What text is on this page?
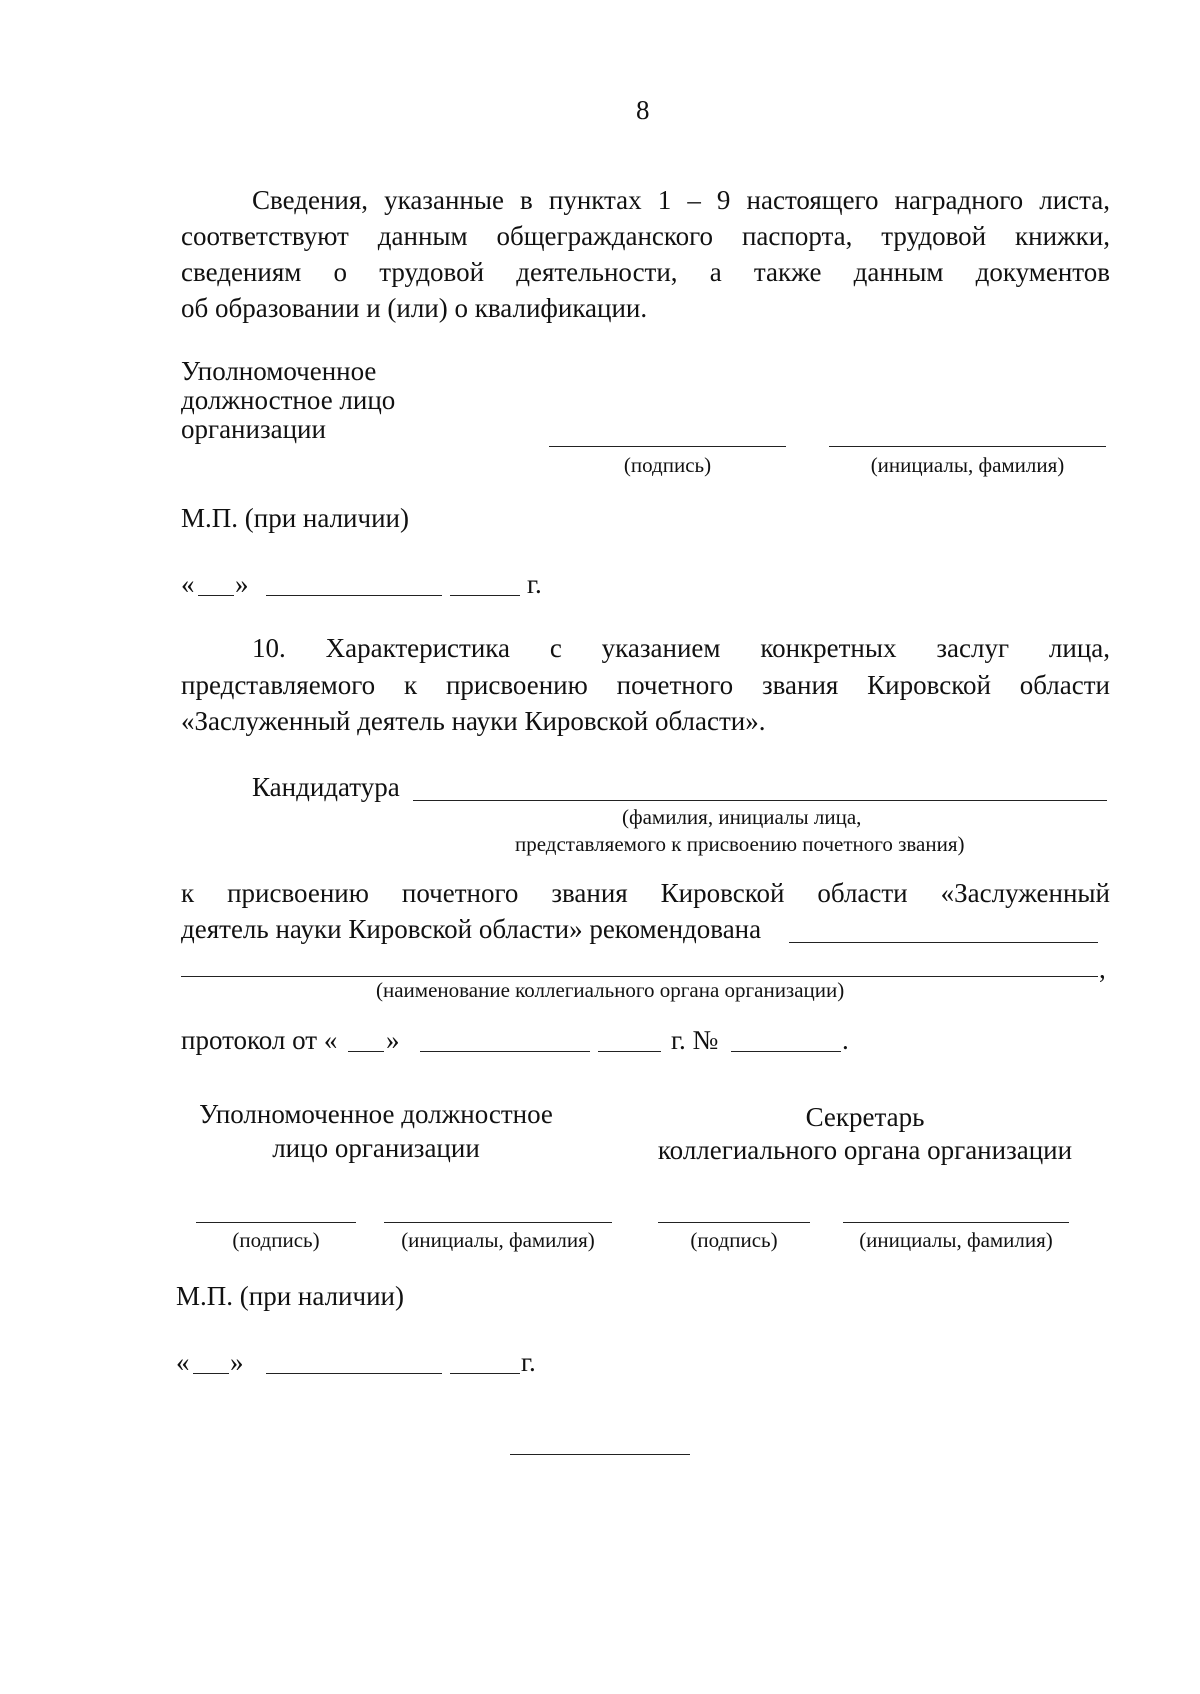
8
Сведения, указанные в пунктах 1 – 9 настоящего наградного листа,
соответствуют данным общегражданского паспорта, трудовой книжки,
сведениям о трудовой деятельности, а также данным документов
об образовании и (или) о квалификации.
Уполномоченное
должностное лицо
организации
(подпись)	(инициалы, фамилия)
М.П. (при наличии)
« »	г.
10. Характеристика с указанием конкретных заслуг лица,
представляемого к присвоению почетного звания Кировской области
«Заслуженный деятель науки Кировской области».
Кандидатура
(фамилия, инициалы лица,
представляемого к присвоению почетного звания)
к присвоению почетного звания Кировской области «Заслуженный
деятель науки Кировской области» рекомендована
,
(наименование коллегиального органа организации)
протокол от « »	г. №	.
Уполномоченное должностное
лицо организации
Секретарь
коллегиального органа организации
(подпись)	(инициалы, фамилия)	(подпись)	(инициалы, фамилия)
М.П. (при наличии)
« »	г.
